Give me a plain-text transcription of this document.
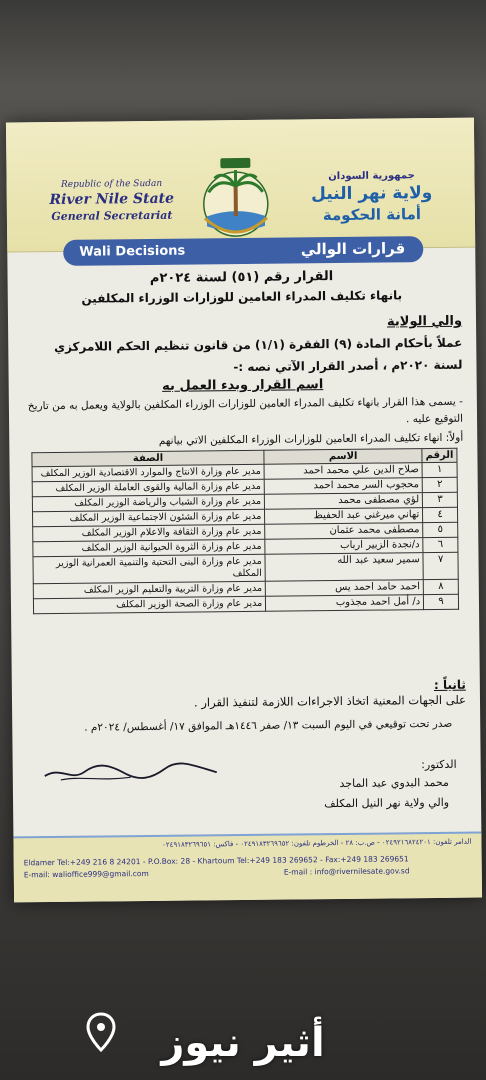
Republic of the Sudan
River Nile State
General Secretariat
جمهورية السودان
ولاية نهر النيل
أمانة الحكومة
Wali Decisions	قرارات الوالي
القرار رقم (٥١) لسنة ٢٠٢٤م
بانهاء تكليف المدراء العامين للوزارات الوزراء المكلفين
والي الولاية
عملاً بأحكام المادة (٩) الفقرة (١/١) من قانون تنظيم الحكم اللامركزي لسنة ٢٠٢٠م ، أصدر القرار الآتي نصه :-
اسم القرار وبدء العمل به
- يسمى هذا القرار بانهاء تكليف المدراء العامين للوزارات الوزراء المكلفين بالولاية ويعمل به من تاريخ التوقيع عليه .
أولاً: انهاء تكليف المدراء العامين للوزارات الوزراء المكلفين الاتي بيانهم
الرقم	الاسم	الصفة
١	صلاح الدين علي محمد احمد	مدير عام وزارة الانتاج والموارد الاقتصادية الوزير المكلف
٢	محجوب السر محمد احمد	مدير عام وزارة المالية والقوى العاملة الوزير المكلف
٣	لؤي مصطفى محمد	مدير عام وزارة الشباب والرياضة الوزير المكلف
٤	تهاني ميرغني عبد الحفيظ	مدير عام وزارة الشئون الاجتماعية الوزير المكلف
٥	مصطفى محمد عثمان	مدير عام وزارة الثقافة والاعلام الوزير المكلف
٦	د/نجدة الزبير ارباب	مدير عام وزارة الثروة الحيوانية الوزير المكلف
٧	سمير سعيد عبد الله	مدير عام وزارة البنى التحتية والتنمية العمرانية الوزير المكلف
٨	احمد حامد احمد يس	مدير عام وزارة التربية والتعليم الوزير المكلف
٩	د/ أمل احمد مجذوب	مدير عام وزارة الصحة الوزير المكلف
ثانياً :
على الجهات المعنية اتخاذ الاجراءات اللازمة لتنفيذ القرار .
صدر تحت توقيعي في اليوم السبت ١٣/ صفر ١٤٤٦هـ الموافق ١٧/ أغسطس/ ٢٠٢٤م .
الدكتور:
محمد البدوي عبد الماجد
والي ولاية نهر النيل المكلف
الدامر تلفون: ٠٢٤٩٢١٦٨٢٤٢٠١ - ص.ب: ٢٨ - الخرطوم تلفون: ٠٢٤٩١٨٣٢٦٩٦٥٢ - فاكس: ٠٢٤٩١٨٣٢٦٩٦٥١
Eldamer Tel:+249 216 8 24201 - P.O.Box: 28 - Khartoum Tel:+249 183 269652 - Fax:+249 183 269651
E-mail: walioffice999@gmail.com	E-mail : info@rivernilesate.gov.sd
أثير نيوز
